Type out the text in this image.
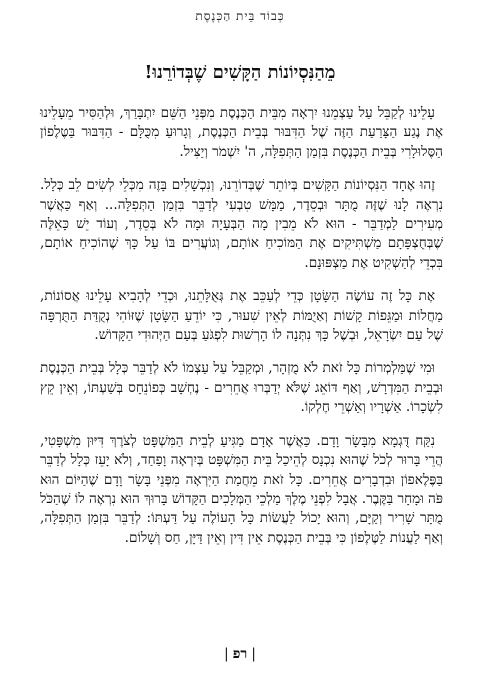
כְּבוֹד בֵּית הַכְּנֶסֶת
מֵהַנִּסְיוֹנוֹת הַקָּשִׁים שֶׁבְּדוֹרֵנוּ!

עָלֵינוּ לְקַבֵּל עַל עַצְמֵנוּ יִרְאָה מִבֵּית הַכְּנֶסֶת מִפְּנֵי הַשֵּׁם יִתְבָּרַךְ, וּלְהַסִּיר מֵעָלֵינוּ אֶת נֶגַע הַצָּרַעַת הַזֶּה שֶׁל הַדִּבּוּר בְּבֵית הַכְּנֶסֶת, וְגָרוּעַ מִכֻּלָּם - הַדִּבּוּר בַּטֶּלֶפוֹן הַסֶּלוּלָרִי בְּבֵית הַכְּנֶסֶת בִּזְמַן הַתְּפִלָּה, ה' יִשְׁמֹר וְיַצִּיל.

זֶהוּ אֶחָד הַנִּסְיוֹנוֹת הַקָּשִׁים בְּיוֹתֵר שֶׁבְּדוֹרֵנוּ, וְנִכְשָׁלִים בָּזֶה מִכְּלֵי לְשִׂים לֵב כְּלָל. נִרְאֶה לָנוּ שֶׁזֶּה מֻתָּר וּבְסֵדֶר, מַמָּשׁ טִבְעִי לְדַבֵּר בִּזְמַן הַתְּפִלָּה... וְאַף כַּאֲשֶׁר מְעִירִים לַמְדַבֵּר - הוּא לֹא מֵבִין מָה הַבְּעָיָה וּמָה לֹא בְּסֵדֶר, וְעוֹד יֵשׁ כָּאֵלֶּה שֶׁבְּחֻצְפָּתָם מַשְׁתִּיקִים אֶת הַמּוֹכִיחַ אוֹתָם, וְגוֹעֲרִים בּוֹ עַל כָּךְ שֶׁהוֹכִיחַ אוֹתָם, בִּכְדֵי לְהַשְׁקִיט אֶת מַצְפּוּנָם.

אֶת כָּל זֶה עוֹשֶׂה הַשָּׂטָן כְּדֵי לְעַכֵּב אֶת גְּאֻלָּתֵנוּ, וּכְדֵי לְהָבִיא עָלֵינוּ אֲסוֹנוֹת, מַחֲלוֹת וּמַגֵּפוֹת קָשׁוֹת וְאַיֻמּוֹת לְאֵין שִׁעוּר, כִּי יוֹדֵעַ הַשָּׂטָן שֶׁזּוֹהִי נְקֻדַּת הַתֻּרְפָּה שֶׁל עַם יִשְׂרָאֵל, וּבְשֶׁל כָּךְ נִתְּנָה לוֹ הָרְשׁוּת לִפְגֹּעַ בְּעַם הַיְּהוּדִי הַקָּדוֹשׁ.

וּמִי שֶׁמַּלְמְרוֹת כָּל זֹאת לֹא מֻזְהָר, וּמְקַבֵּל עַל עַצְמוֹ לֹא לְדַבֵּר כְּלָל בְּבֵית הַכְּנֶסֶת וּבְבֵית הַמִּדְרָשׁ, וְאַף דּוֹאֵג שֶׁלֹּא יְדַבְּרוּ אֲחֵרִים - נֶחְשָׁב כְּפוֹנֵחָס בְּשַׁעְתּוֹ, וְאֵין קֵץ לִשְׂכָרוֹ. אַשְׁרָיו וְאַשְׁרֵי חֶלְקוֹ.

נִקַּח דֻּגְמָא מִבָּשָׂר וָדָם. כַּאֲשֶׁר אָדָם מַגִּיעַ לְבֵית הַמִּשְׁפָּט לְצֹרֶךְ דִּיּוּן מִשְׁפָּטִי, הֲרֵי בָּרוּר לְכֹל שֶׁהוּא נִכְנָס לְהֵיכַל בֵּית הַמִּשְׁפָּט בְּיִרְאָה וָפַחַד, וְלֹא יָעֵז כְּלָל לְדַבֵּר בַּפֶּלֶאפוֹן וּבִדְבָרִים אֲחֵרִים. כָּל זֹאת מֵחֲמַת הַיִּרְאָה מִפְּנֵי בָּשָׂר וָדָם שֶׁהַיּוֹם הוּא פֹּה וּמָחָר בַּקֶּבֶר. אֲבָל לִפְנֵי מֶלֶךְ מַלְכֵי הַמְּלָכִים הַקָּדוֹשׁ בָּרוּךְ הוּא נִרְאֶה לוֹ שֶׁהַכֹּל מֻתָּר שָׁרִיר וְקַיָּם, וְהוּא יָכוֹל לַעֲשׂוֹת כָּל הָעוֹלֶה עַל דַּעְתּוֹ: לְדַבֵּר בִּזְמַן הַתְּפִלָּה, וְאַף לַעֲנוֹת לַטֶּלֶפוֹן כִּי בְּבֵית הַכְּנֶסֶת אֵין דִּין וְאֵין דַּיָּן, חַס וְשָׁלוֹם.

|רפ|
